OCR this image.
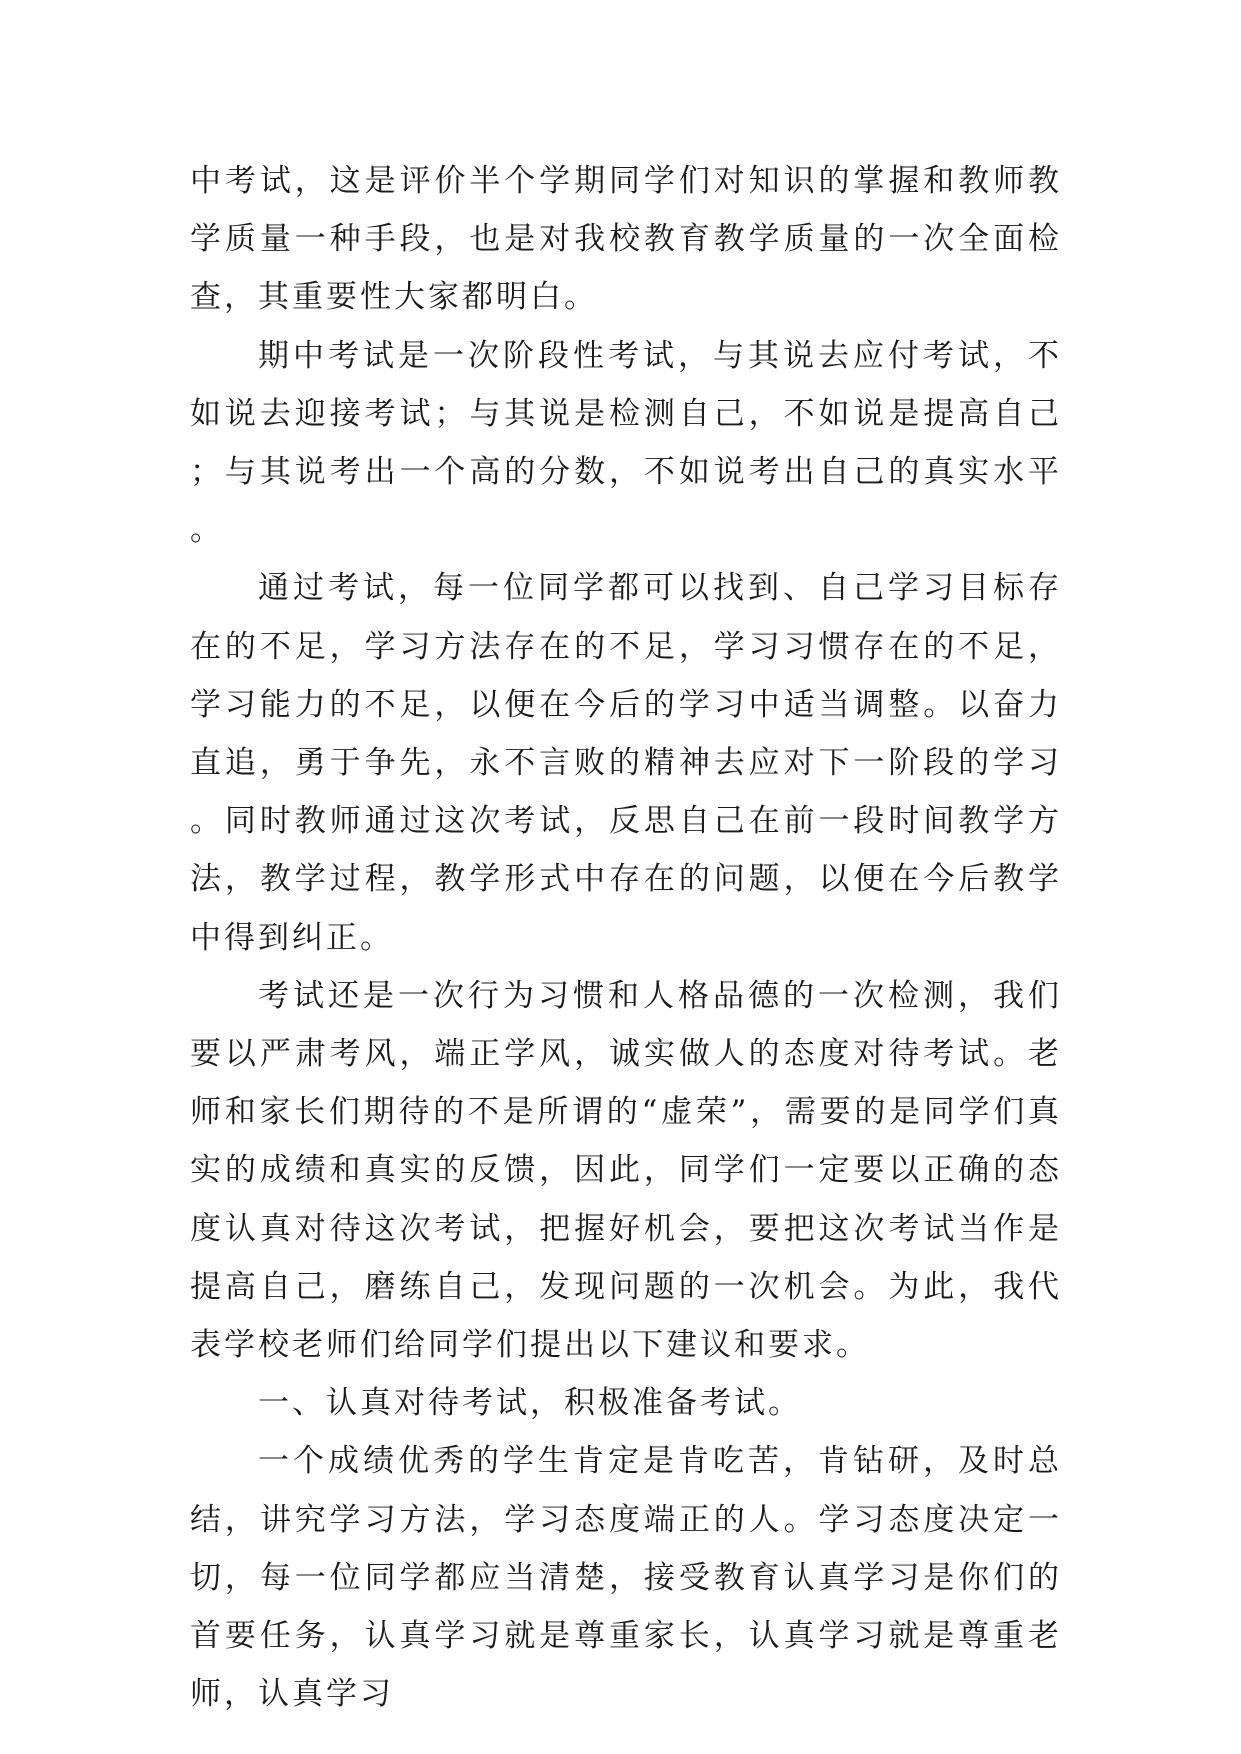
中考试，这是评价半个学期同学们对知识的掌握和教师教学质量一种手段，也是对我校教育教学质量的一次全面检查，其重要性大家都明白。

期中考试是一次阶段性考试，与其说去应付考试，不如说去迎接考试；与其说是检测自己，不如说是提高自己；与其说考出一个高的分数，不如说考出自己的真实水平。

通过考试，每一位同学都可以找到、自己学习目标存在的不足，学习方法存在的不足，学习习惯存在的不足，学习能力的不足，以便在今后的学习中适当调整。以奋力直追，勇于争先，永不言败的精神去应对下一阶段的学习。同时教师通过这次考试，反思自己在前一段时间教学方法，教学过程，教学形式中存在的问题，以便在今后教学中得到纠正。

考试还是一次行为习惯和人格品德的一次检测，我们要以严肃考风，端正学风，诚实做人的态度对待考试。老师和家长们期待的不是所谓的“虚荣”，需要的是同学们真实的成绩和真实的反馈，因此，同学们一定要以正确的态度认真对待这次考试，把握好机会，要把这次考试当作是提高自己，磨练自己，发现问题的一次机会。为此，我代表学校老师们给同学们提出以下建议和要求。

一、认真对待考试，积极准备考试。

一个成绩优秀的学生肯定是肯吃苦，肯钻研，及时总结，讲究学习方法，学习态度端正的人。学习态度决定一切，每一位同学都应当清楚，接受教育认真学习是你们的首要任务，认真学习就是尊重家长，认真学习就是尊重老师，认真学习
